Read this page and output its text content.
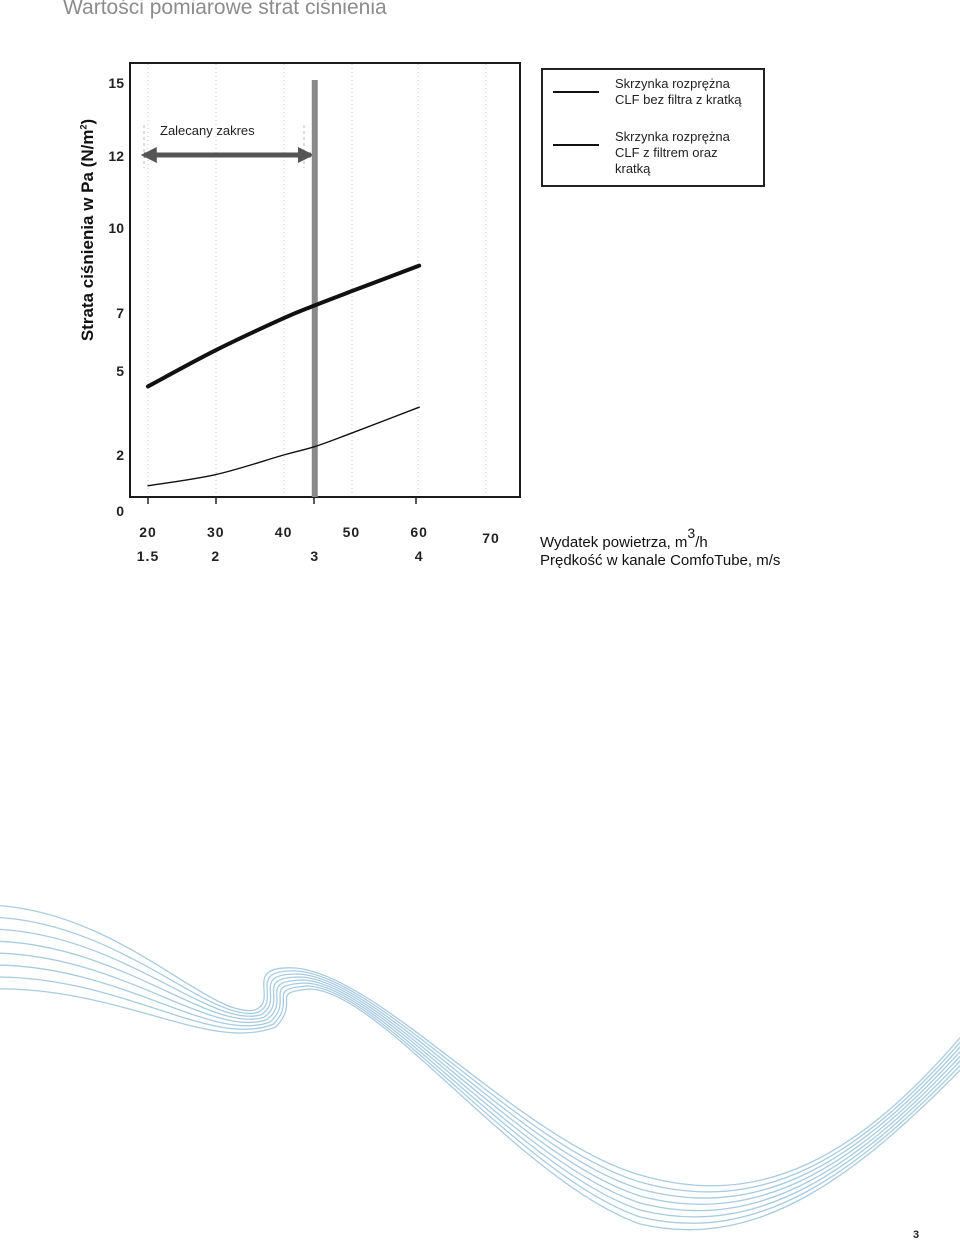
Wartości pomiarowe strat ciśnienia
Strata ciśnienia w Pa $(N/m^2)$
15
12
10
7
5
2
0
20	30	40	50	60	70
1.5	2	3	4
Wydatek powietrza, $m^3/h$
Prędkość w kanale ComfoTube, m/s
Zalecany zakres
Skrzynka rozprężna
CLF bez filtra z kratką
Skrzynka rozprężna
CLF z filtrem oraz
kratką
3
